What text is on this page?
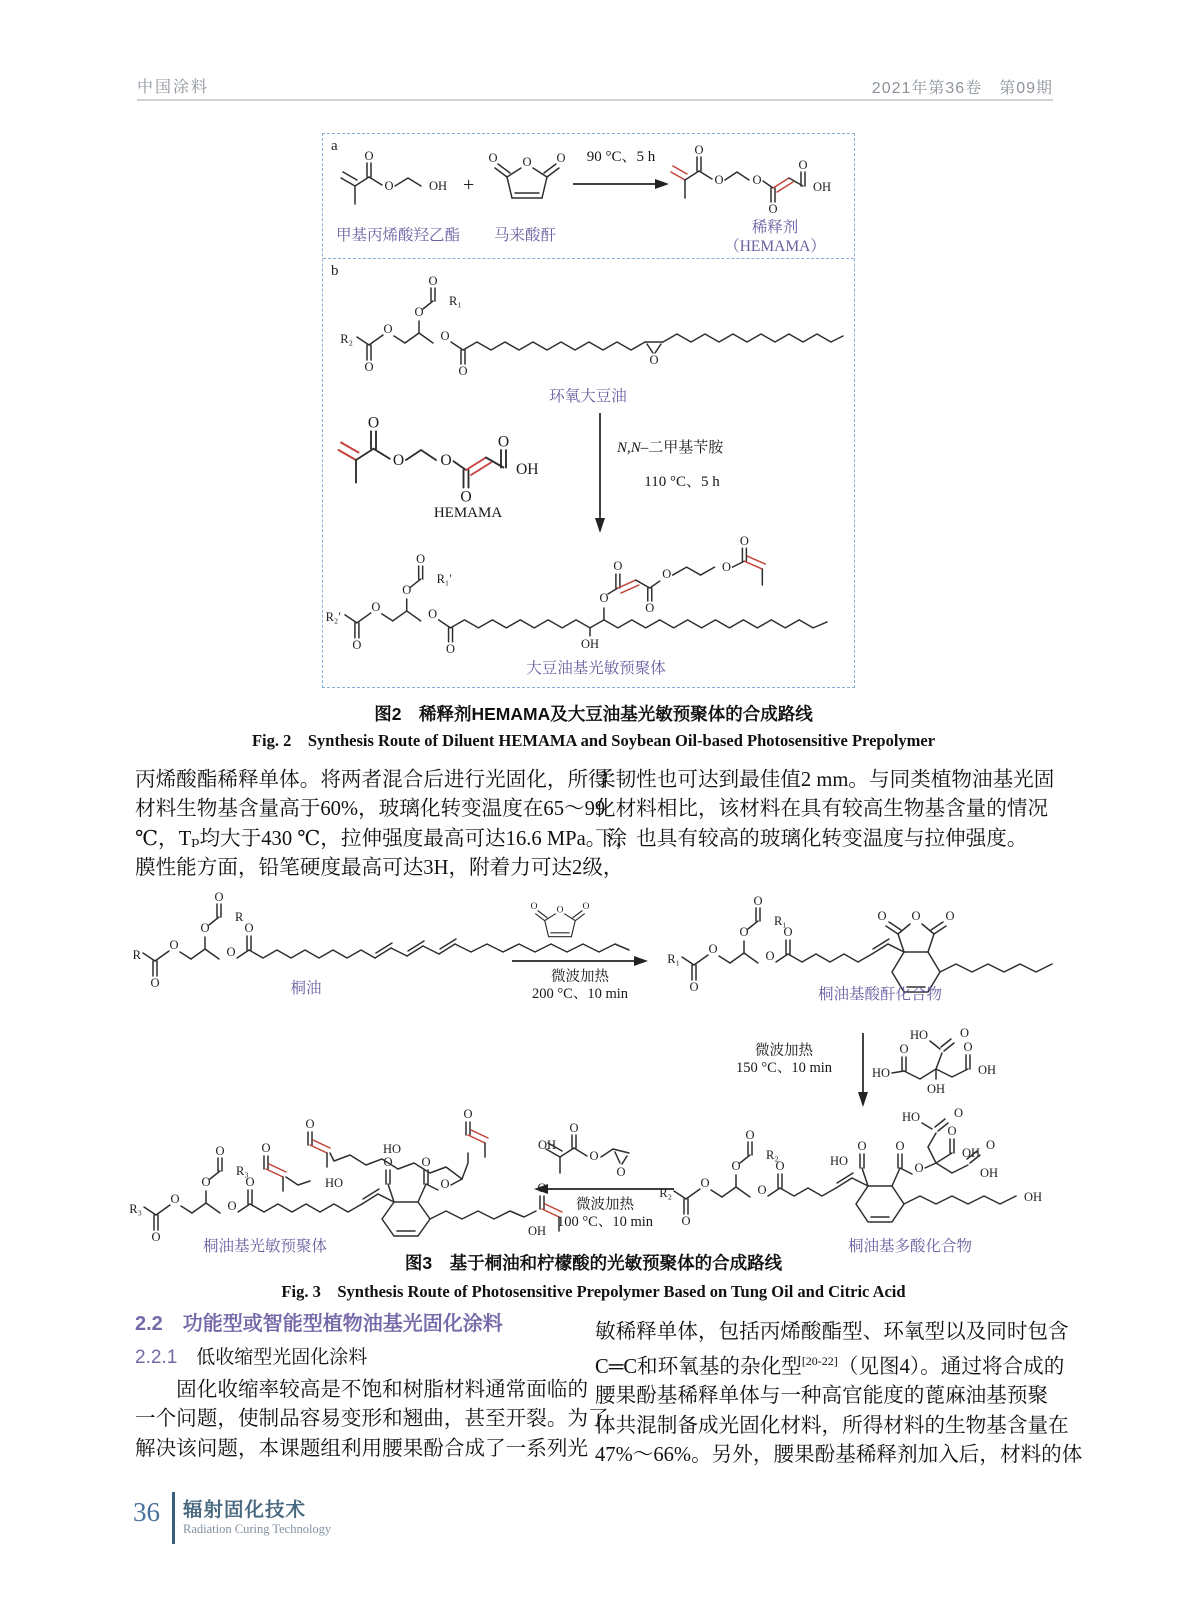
中国涂料	2021年第36卷　第09期
a
O
O	OH
甲基丙烯酸羟乙酯
+
O
O	O
马来酸酐
90 °C、5 h	O
O O
O
O
OH
稀释剂
（HEMAMA）
b
R₂
R₁
O
O
环氧大豆油
HEMAMA
N,N–二甲基苄胺
110 °C、5 h
R₂′
R₁′
O	OH
O
O
O
O	O
O
大豆油基光敏预聚体
图2　稀释剂HEMAMA及大豆油基光敏预聚体的合成路线
Fig. 2　Synthesis Route of Diluent HEMAMA and Soybean Oil-based Photosensitive Prepolymer
丙烯酸酯稀释单体。将两者混合后进行光固化，所得
材料生物基含量高于60%，玻璃化转变温度在65～99
℃，Tₚ均大于430 ℃，拉伸强度最高可达16.6 MPa。涂
膜性能方面，铅笔硬度最高可达3H，附着力可达2级，
柔韧性也可达到最佳值2 mm。与同类植物油基光固
化材料相比，该材料在具有较高生物基含量的情况
下，也具有较高的玻璃化转变温度与拉伸强度。
R
R
O
桐油
微波加热
200 °C、10 min
R₁
R₁
O
O
O	O
桐油基酸酐化合物
微波加热
150 °C、10 min	HO
O
OH
HO	O
O
OH
R₂
R₂
O	HO
O O
O
HO	O
O
OH
O
OH
OH
桐油基多酸化合物
R₃
R₃
O
O O
O
HO	OH
HO
OH
桐油基光敏预聚体
O
O
O
微波加热
100 °C、10 min
图3　基于桐油和柠檬酸的光敏预聚体的合成路线
Fig. 3　Synthesis Route of Photosensitive Prepolymer Based on Tung Oil and Citric Acid
2.2　功能型或智能型植物油基光固化涂料
2.2.1　低收缩型光固化涂料
　　固化收缩率较高是不饱和树脂材料通常面临的
一个问题，使制品容易变形和翘曲，甚至开裂。为了
解决该问题，本课题组利用腰果酚合成了一系列光
敏稀释单体，包括丙烯酸酯型、环氧型以及同时包含
C═C和环氧基的杂化型[20-22]（见图4）。通过将合成的
腰果酚基稀释单体与一种高官能度的蓖麻油基预聚
体共混制备成光固化材料，所得材料的生物基含量在
47%～66%。另外，腰果酚基稀释剂加入后，材料的体
36 辐射固化技术
Radiation Curing Technology
